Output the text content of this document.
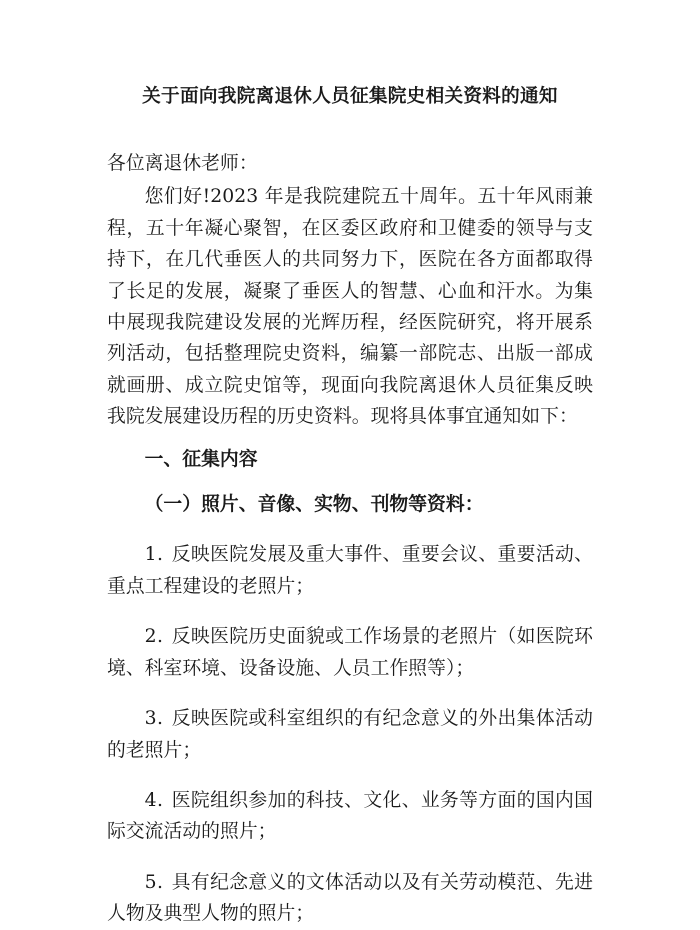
关于面向我院离退休人员征集院史相关资料的通知

各位离退休老师：

您们好!2023 年是我院建院五十周年。五十年风雨兼程，五十年凝心聚智，在区委区政府和卫健委的领导与支持下，在几代垂医人的共同努力下，医院在各方面都取得了长足的发展，凝聚了垂医人的智慧、心血和汗水。为集中展现我院建设发展的光辉历程，经医院研究，将开展系列活动，包括整理院史资料，编纂一部院志、出版一部成就画册、成立院史馆等，现面向我院离退休人员征集反映我院发展建设历程的历史资料。现将具体事宜通知如下：

一、征集内容

（一）照片、音像、实物、刊物等资料：

1. 反映医院发展及重大事件、重要会议、重要活动、重点工程建设的老照片；

2. 反映医院历史面貌或工作场景的老照片（如医院环境、科室环境、设备设施、人员工作照等）；

3. 反映医院或科室组织的有纪念意义的外出集体活动的老照片；

4. 医院组织参加的科技、文化、业务等方面的国内国际交流活动的照片；

5. 具有纪念意义的文体活动以及有关劳动模范、先进人物及典型人物的照片；
